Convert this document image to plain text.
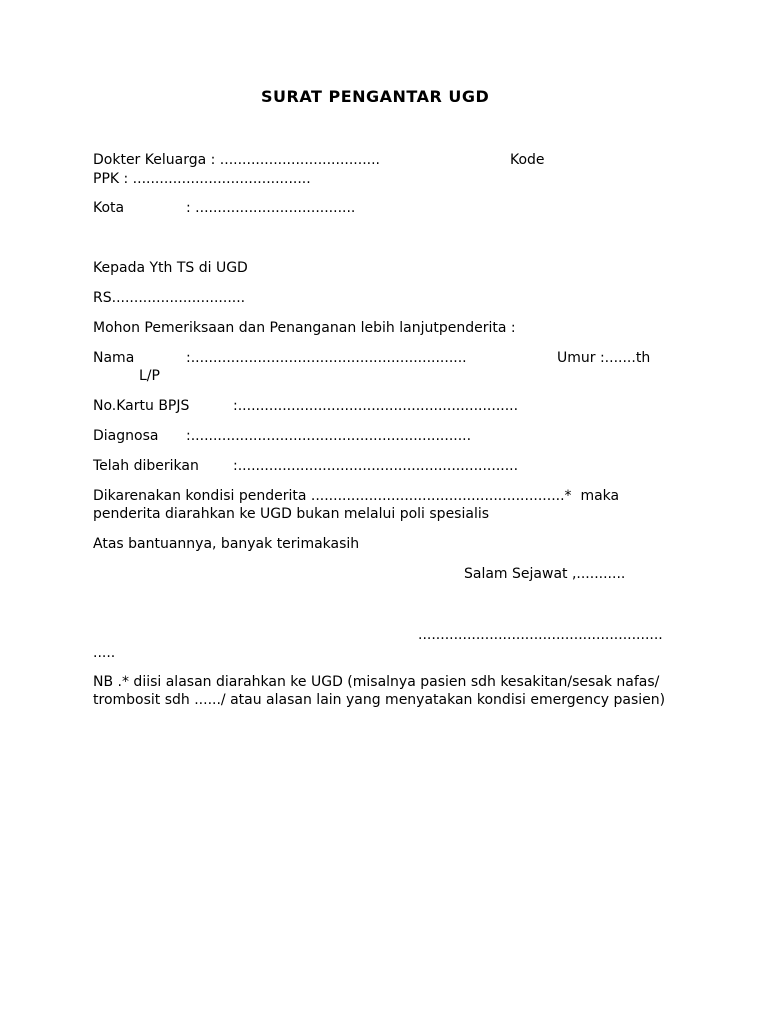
SURAT PENGANTAR UGD
Dokter Keluarga : ....................................	Kode
PPK : ........................................
Kota	: ....................................
Kepada Yth TS di UGD
RS..............................
Mohon Pemeriksaan dan Penanganan lebih lanjutpenderita :
Nama	:..............................................................	Umur :.......th
L/P
No.Kartu BPJS	:...............................................................
Diagnosa :...............................................................
Telah diberikan :...............................................................
Dikarenakan kondisi penderita .........................................................*  maka
penderita diarahkan ke UGD bukan melalui poli spesialis
Atas bantuannya, banyak terimakasih
Salam Sejawat ,...........
.......................................................
.....
NB .* diisi alasan diarahkan ke UGD (misalnya pasien sdh kesakitan/sesak nafas/
trombosit sdh ....../ atau alasan lain yang menyatakan kondisi emergency pasien)
